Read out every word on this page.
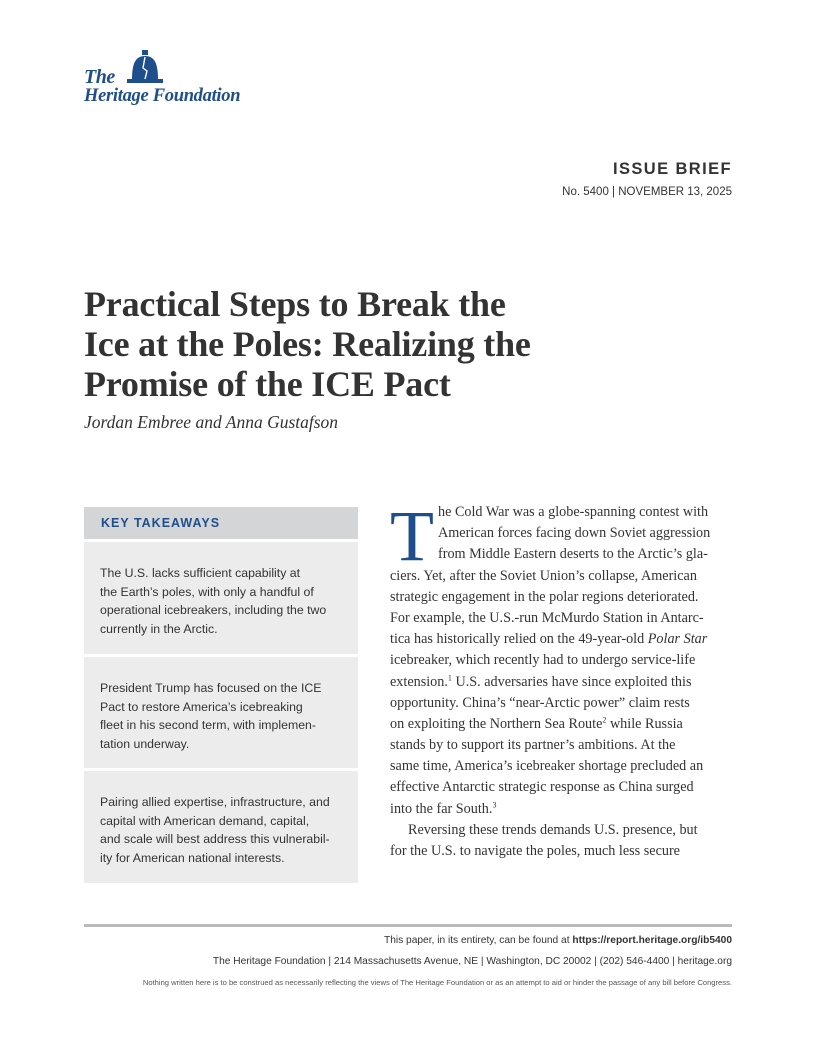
The
Heritage Foundation
ISSUE BRIEF
No. 5400 | NOVEMBER 13, 2025
Practical Steps to Break the
Ice at the Poles: Realizing the
Promise of the ICE Pact
Jordan Embree and Anna Gustafson
KEY TAKEAWAYS
The U.S. lacks sufficient capability at
the Earth’s poles, with only a handful of
operational icebreakers, including the two
currently in the Arctic.
President Trump has focused on the ICE
Pact to restore America’s icebreaking
fleet in his second term, with implemen-
tation underway.
Pairing allied expertise, infrastructure, and
capital with American demand, capital,
and scale will best address this vulnerabil-
ity for American national interests.
T he Cold War was a globe-spanning contest with
American forces facing down Soviet aggression
from Middle Eastern deserts to the Arctic’s gla-
ciers. Yet, after the Soviet Union’s collapse, American
strategic engagement in the polar regions deteriorated.
For example, the U.S.-run McMurdo Station in Antarc-
tica has historically relied on the 49-year-old Polar Star
icebreaker, which recently had to undergo service-life
extension.$^1$ U.S. adversaries have since exploited this
opportunity. China’s “near-Arctic power” claim rests
on exploiting the Northern Sea Route$^2$ while Russia
stands by to support its partner’s ambitions. At the
same time, America’s icebreaker shortage precluded an
effective Antarctic strategic response as China surged
into the far South.$^3$
Reversing these trends demands U.S. presence, but
for the U.S. to navigate the poles, much less secure
This paper, in its entirety, can be found at https://report.heritage.org/ib5400
The Heritage Foundation | 214 Massachusetts Avenue, NE | Washington, DC 20002 | (202) 546-4400 | heritage.org
Nothing written here is to be construed as necessarily reflecting the views of The Heritage Foundation or as an attempt to aid or hinder the passage of any bill before Congress.
